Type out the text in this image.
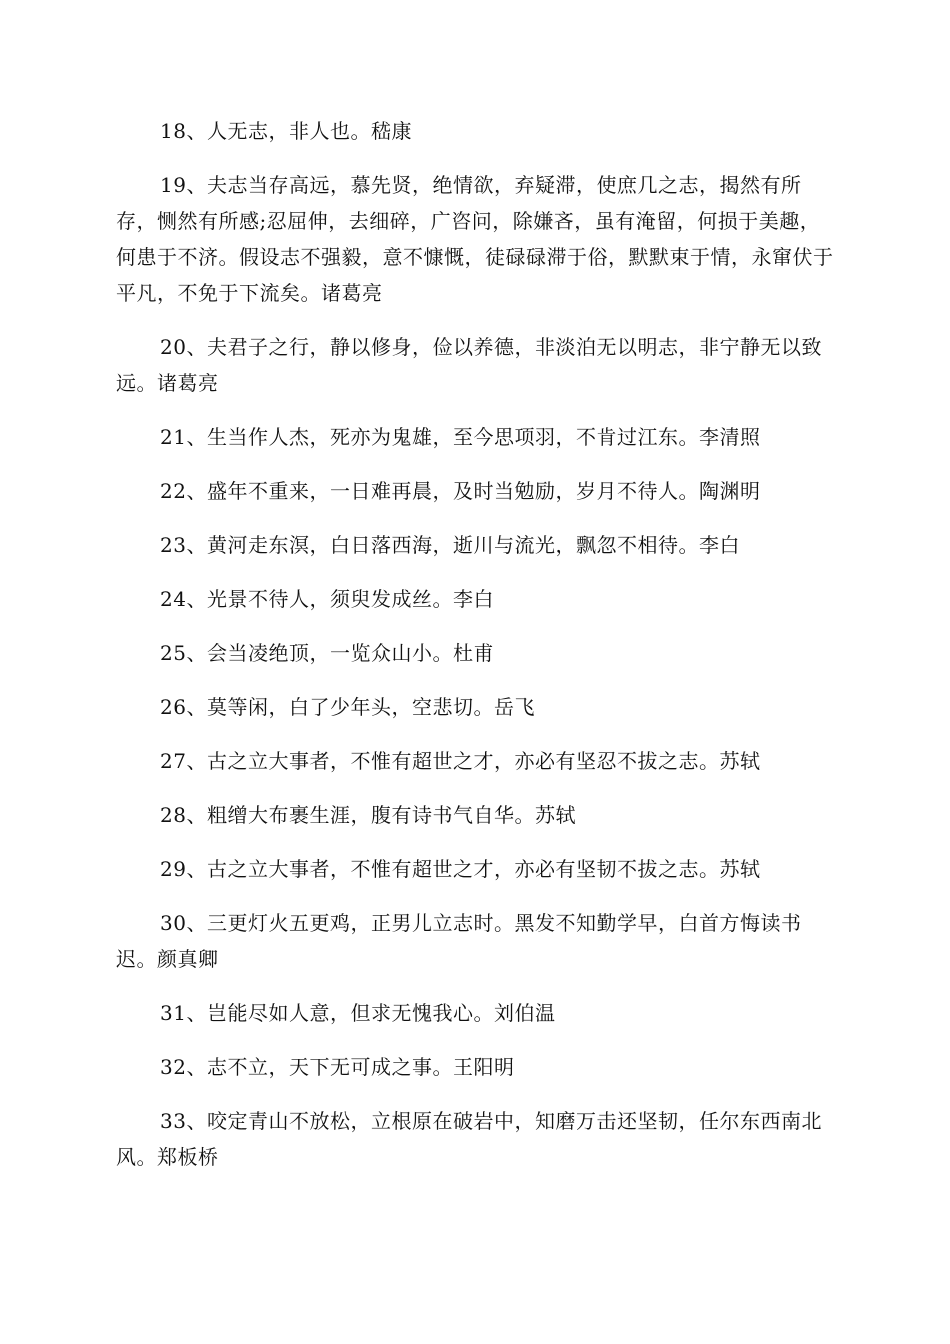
18、人无志，非人也。嵇康

19、夫志当存高远，慕先贤，绝情欲，弃疑滞，使庶几之志，揭然有所存，恻然有所感;忍屈伸，去细碎，广咨问，除嫌吝，虽有淹留，何损于美趣，何患于不济。假设志不强毅，意不慷慨，徒碌碌滞于俗，默默束于情，永窜伏于平凡，不免于下流矣。诸葛亮

20、夫君子之行，静以修身，俭以养德，非淡泊无以明志，非宁静无以致远。诸葛亮

21、生当作人杰，死亦为鬼雄，至今思项羽，不肯过江东。李清照

22、盛年不重来，一日难再晨，及时当勉励，岁月不待人。陶渊明

23、黄河走东溟，白日落西海，逝川与流光，飘忽不相待。李白

24、光景不待人，须臾发成丝。李白

25、会当凌绝顶，一览众山小。杜甫

26、莫等闲，白了少年头，空悲切。岳飞

27、古之立大事者，不惟有超世之才，亦必有坚忍不拔之志。苏轼

28、粗缯大布裹生涯，腹有诗书气自华。苏轼

29、古之立大事者，不惟有超世之才，亦必有坚韧不拔之志。苏轼

30、三更灯火五更鸡，正男儿立志时。黑发不知勤学早，白首方悔读书迟。颜真卿

31、岂能尽如人意，但求无愧我心。刘伯温

32、志不立，天下无可成之事。王阳明

33、咬定青山不放松，立根原在破岩中，知磨万击还坚韧，任尔东西南北风。郑板桥
